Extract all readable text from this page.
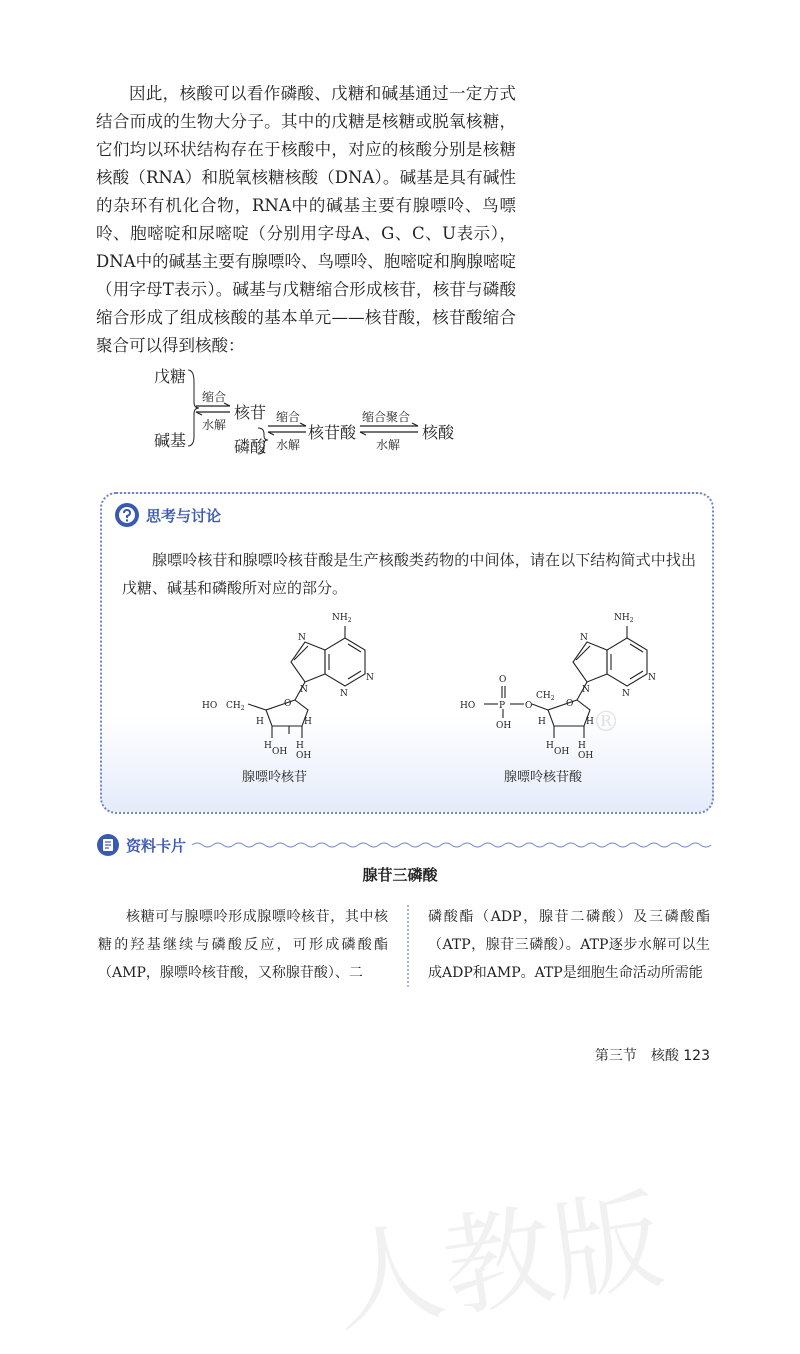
因此，核酸可以看作磷酸、戊糖和碱基通过一定方式结合而成的生物大分子。其中的戊糖是核糖或脱氧核糖，它们均以环状结构存在于核酸中，对应的核酸分别是核糖核酸（RNA）和脱氧核糖核酸（DNA）。碱基是具有碱性的杂环有机化合物，RNA中的碱基主要有腺嘌呤、鸟嘌呤、胞嘧啶和尿嘧啶（分别用字母A、G、C、U表示），DNA中的碱基主要有腺嘌呤、鸟嘌呤、胞嘧啶和胸腺嘧啶（用字母T表示）。碱基与戊糖缩合形成核苷，核苷与磷酸缩合形成了组成核酸的基本单元——核苷酸，核苷酸缩合聚合可以得到核酸：

戊糖
碱基
缩合
水解
核苷
磷酸
缩合
水解
核苷酸
缩合聚合
水解
核酸
思考与讨论

腺嘌呤核苷和腺嘌呤核苷酸是生产核酸类药物的中间体，请在以下结构简式中找出戊糖、碱基和磷酸所对应的部分。

人教版
$NH_2$
N
N
N
N
O
HO $CH_2$
H	H
H	H
OH OH
腺嘌呤核苷
$NH_2$
N
N
N
N
O
O
HO	P O
$CH_2$
OH	H	H
H	H
OH OH
腺嘌呤核苷酸
®
资料卡片
腺苷三磷酸

核糖可与腺嘌呤形成腺嘌呤核苷，其中核糖的羟基继续与磷酸反应，可形成磷酸酯（AMP，腺嘌呤核苷酸，又称腺苷酸）、二

磷酸酯（ADP，腺苷二磷酸）及三磷酸酯（ATP，腺苷三磷酸）。ATP逐步水解可以生成ADP和AMP。ATP是细胞生命活动所需能

第三节　核酸 123
